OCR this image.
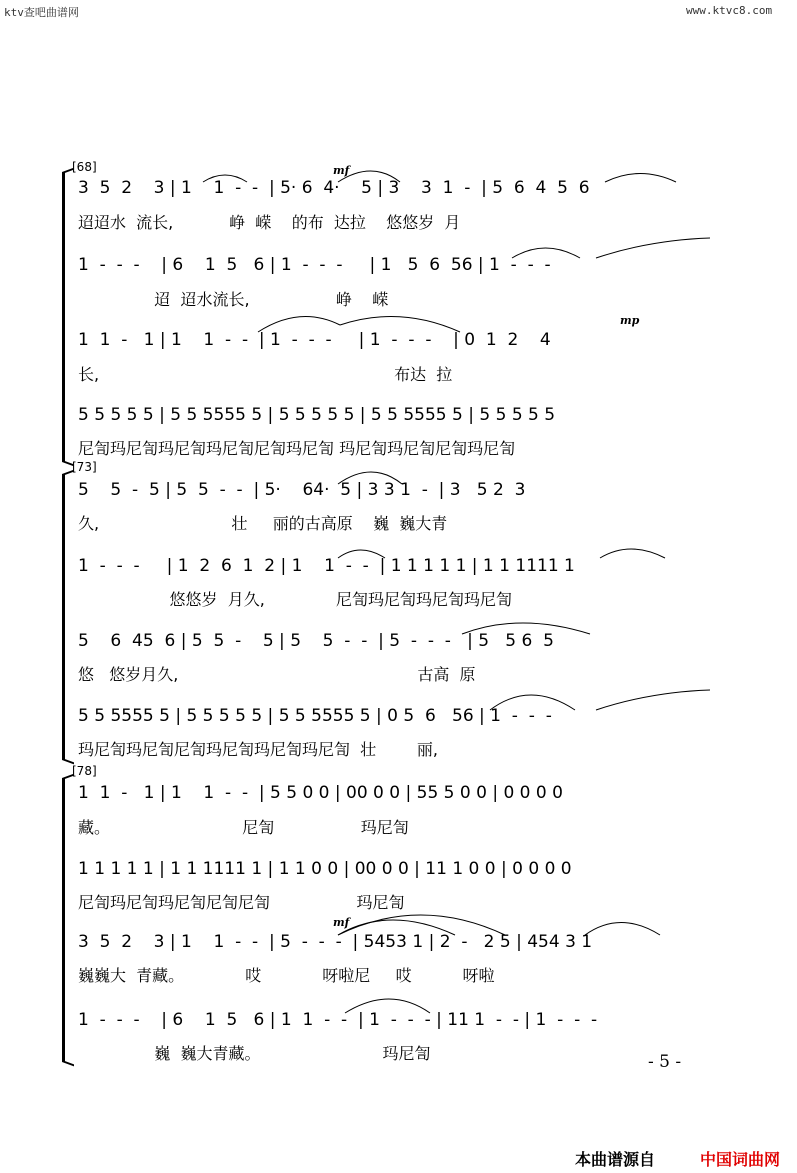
ktv查吧曲谱网	www.ktvc8.com
[68]	mf
3  5  2    3 | 1    1  -  -  | 5· 6  4·    5 | 3    3  1  -  | 5  6  4  5  6
迢迢水  流长,           峥  嵘    的布  达拉    悠悠岁  月
1  -  -  -    | 6    1  5   6 | 1  -  -  -     | 1   5  6  56 | 1  -  -  -
迢  迢水流长,                 峥    嵘
mp
1  1  -   1 | 1    1  -  -  | 1  -  -  -     | 1  -  -  -    | 0  1  2    4
长,                                                          布达  拉
5 5 5 5 5 | 5 5 5555 5 | 5 5 5 5 5 | 5 5 5555 5 | 5 5 5 5 5
尼訇玛尼訇玛尼訇玛尼訇尼訇玛尼訇 玛尼訇玛尼訇尼訇玛尼訇
[73]
5    5  -  5 | 5  5  -  -  | 5·    64·  5 | 3 3 1  -  | 3   5 2  3
久,                          壮     丽的古高原    巍  巍大青
1  -  -  -     | 1  2  6  1  2 | 1    1  -  -  | 1 1 1 1 1 | 1 1 1111 1
悠悠岁  月久,              尼訇玛尼訇玛尼訇玛尼訇
5    6  45  6 | 5  5  -    5 | 5    5  -  -  | 5  -  -  -   | 5   5 6  5
悠   悠岁月久,                                               古高  原
5 5 5555 5 | 5 5 5 5 5 | 5 5 5555 5 | 0 5  6   56 | 1  -  -  -
玛尼訇玛尼訇尼訇玛尼訇玛尼訇玛尼訇  壮        丽,
[78]
1  1  -   1 | 1    1  -  -  | 5 5 0 0 | 00 0 0 | 55 5 0 0 | 0 0 0 0
藏。                          尼訇                 玛尼訇
1 1 1 1 1 | 1 1 1111 1 | 1 1 0 0 | 00 0 0 | 11 1 0 0 | 0 0 0 0
尼訇玛尼訇玛尼訇尼訇尼訇                 玛尼訇
mf
3  5  2    3 | 1    1  -  -  | 5  -  -  -  | 5453 1 | 2  -   2 5 | 454 3 1
巍巍大  青藏。            哎            呀啦尼     哎          呀啦
1  -  -  -    | 6    1  5   6 | 1  1  -  -  | 1  -  -  - | 11 1  -  - | 1  -  -  -
巍  巍大青藏。                        玛尼訇	- 5 -
本曲谱源自	中国词曲网
